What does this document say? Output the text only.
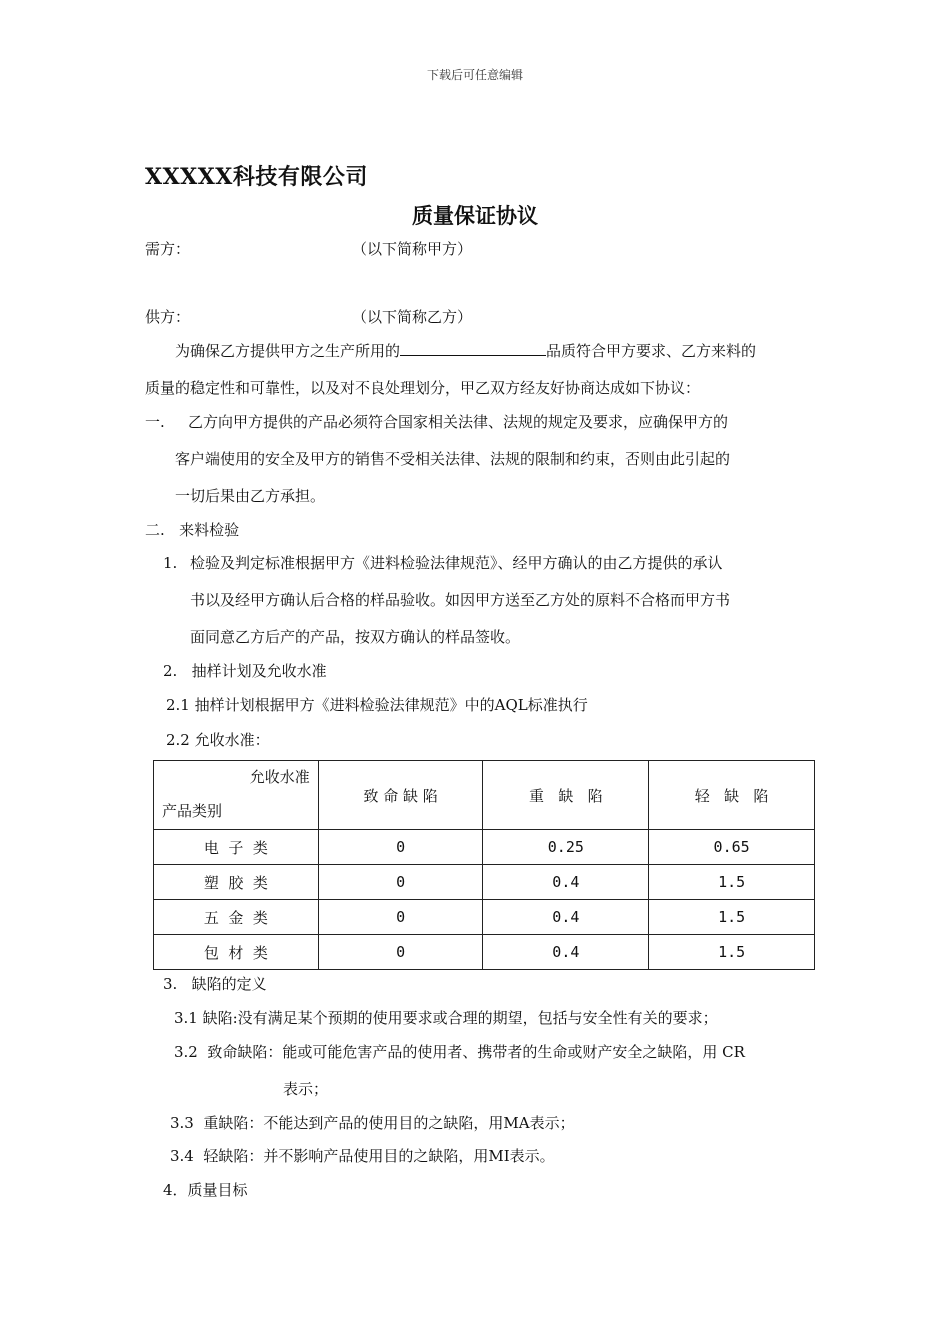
下载后可任意编辑
XXXXX科技有限公司
质量保证协议
需方：	（以下简称甲方）
供方：	（以下简称乙方）
为确保乙方提供甲方之生产所用的	品质符合甲方要求、乙方来料的
质量的稳定性和可靠性，以及对不良处理划分，甲乙双方经友好协商达成如下协议：
一. 乙方向甲方提供的产品必须符合国家相关法律、法规的规定及要求，应确保甲方的
客户端使用的安全及甲方的销售不受相关法律、法规的限制和约束，否则由此引起的
一切后果由乙方承担。
二.   来料检验
1. 检验及判定标准根据甲方《进料检验法律规范》、经甲方确认的由乙方提供的承认
书以及经甲方确认后合格的样品验收。如因甲方送至乙方处的原料不合格而甲方书
面同意乙方后产的产品，按双方确认的样品签收。
2.   抽样计划及允收水准
2.1 抽样计划根据甲方《进料检验法律规范》中的AQL标准执行
2.2 允收水准：
允收水准
产品类别	致 命 缺 陷	重   缺   陷	轻   缺   陷
电  子  类	0	0.25	0.65
塑  胶  类	0	0.4	1.5
五  金  类	0	0.4	1.5
包  材  类	0	0.4	1.5
3.   缺陷的定义
3.1 缺陷:没有满足某个预期的使用要求或合理的期望，包括与安全性有关的要求；
3.2  致命缺陷：能或可能危害产品的使用者、携带者的生命或财产安全之缺陷，用 CR
表示；
3.3  重缺陷：不能达到产品的使用目的之缺陷，用MA表示；
3.4  轻缺陷：并不影响产品使用目的之缺陷，用MI表示。
4．质量目标
